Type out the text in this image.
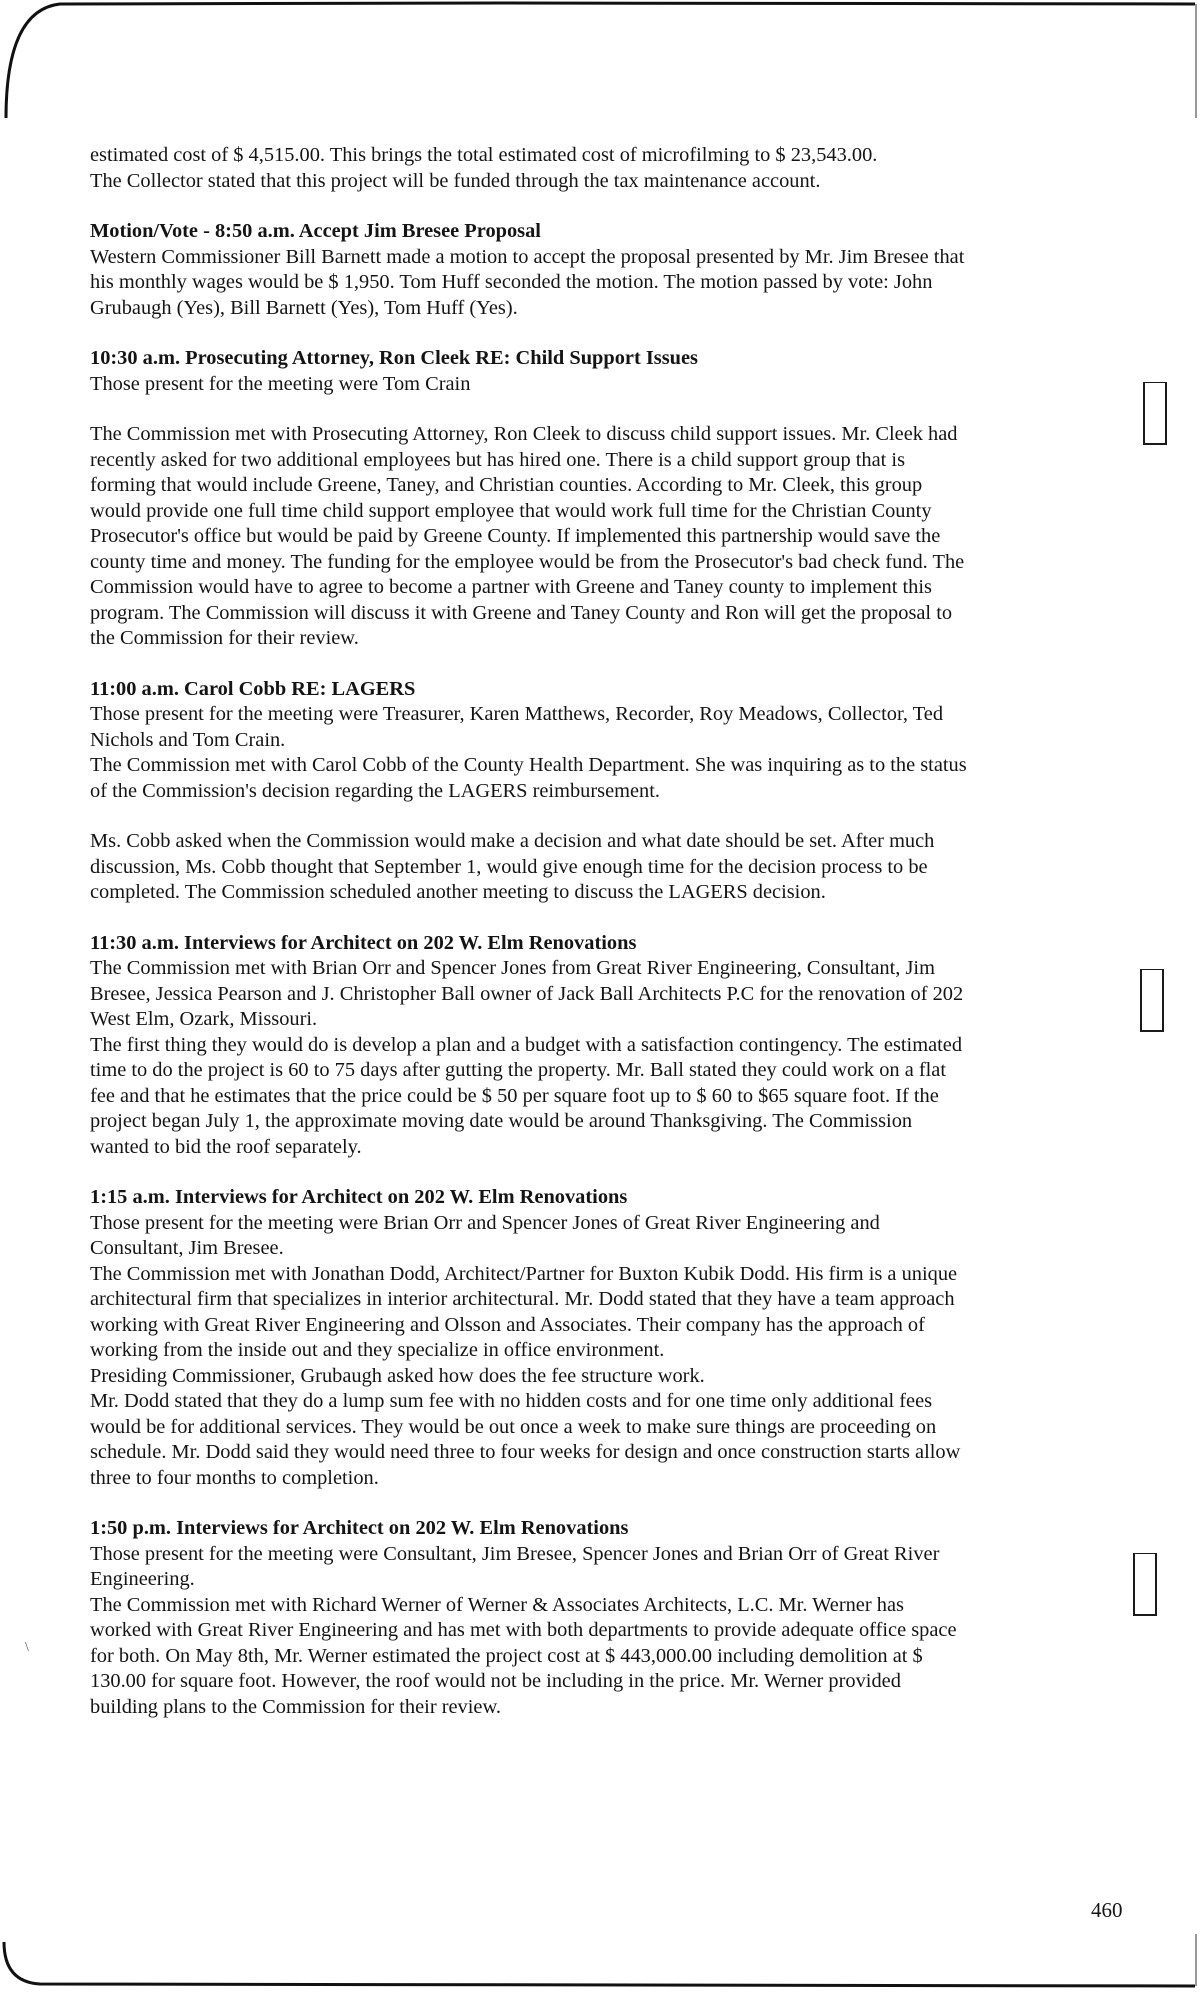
estimated cost of $ 4,515.00. This brings the total estimated cost of microfilming to $ 23,543.00.
The Collector stated that this project will be funded through the tax maintenance account.

Motion/Vote - 8:50 a.m. Accept Jim Bresee Proposal

Western Commissioner Bill Barnett made a motion to accept the proposal presented by Mr. Jim Bresee that
his monthly wages would be $ 1,950. Tom Huff seconded the motion. The motion passed by vote: John
Grubaugh (Yes), Bill Barnett (Yes), Tom Huff (Yes).

10:30 a.m. Prosecuting Attorney, Ron Cleek RE: Child Support Issues

Those present for the meeting were Tom Crain

The Commission met with Prosecuting Attorney, Ron Cleek to discuss child support issues. Mr. Cleek had
recently asked for two additional employees but has hired one. There is a child support group that is
forming that would include Greene, Taney, and Christian counties. According to Mr. Cleek, this group
would provide one full time child support employee that would work full time for the Christian County
Prosecutor's office but would be paid by Greene County. If implemented this partnership would save the
county time and money. The funding for the employee would be from the Prosecutor's bad check fund. The
Commission would have to agree to become a partner with Greene and Taney county to implement this
program. The Commission will discuss it with Greene and Taney County and Ron will get the proposal to
the Commission for their review.

11:00 a.m. Carol Cobb RE: LAGERS

Those present for the meeting were Treasurer, Karen Matthews, Recorder, Roy Meadows, Collector, Ted
Nichols and Tom Crain.
The Commission met with Carol Cobb of the County Health Department. She was inquiring as to the status
of the Commission's decision regarding the LAGERS reimbursement.

Ms. Cobb asked when the Commission would make a decision and what date should be set. After much
discussion, Ms. Cobb thought that September 1, would give enough time for the decision process to be
completed. The Commission scheduled another meeting to discuss the LAGERS decision.

11:30 a.m. Interviews for Architect on 202 W. Elm Renovations

The Commission met with Brian Orr and Spencer Jones from Great River Engineering, Consultant, Jim
Bresee, Jessica Pearson and J. Christopher Ball owner of Jack Ball Architects P.C for the renovation of 202
West Elm, Ozark, Missouri.
The first thing they would do is develop a plan and a budget with a satisfaction contingency. The estimated
time to do the project is 60 to 75 days after gutting the property. Mr. Ball stated they could work on a flat
fee and that he estimates that the price could be $ 50 per square foot up to $ 60 to $65 square foot. If the
project began July 1, the approximate moving date would be around Thanksgiving. The Commission
wanted to bid the roof separately.

1:15 a.m. Interviews for Architect on 202 W. Elm Renovations

Those present for the meeting were Brian Orr and Spencer Jones of Great River Engineering and
Consultant, Jim Bresee.
The Commission met with Jonathan Dodd, Architect/Partner for Buxton Kubik Dodd. His firm is a unique
architectural firm that specializes in interior architectural. Mr. Dodd stated that they have a team approach
working with Great River Engineering and Olsson and Associates. Their company has the approach of
working from the inside out and they specialize in office environment.
Presiding Commissioner, Grubaugh asked how does the fee structure work.
Mr. Dodd stated that they do a lump sum fee with no hidden costs and for one time only additional fees
would be for additional services. They would be out once a week to make sure things are proceeding on
schedule. Mr. Dodd said they would need three to four weeks for design and once construction starts allow
three to four months to completion.

1:50 p.m. Interviews for Architect on 202 W. Elm Renovations

Those present for the meeting were Consultant, Jim Bresee, Spencer Jones and Brian Orr of Great River
Engineering.
The Commission met with Richard Werner of Werner & Associates Architects, L.C. Mr. Werner has
worked with Great River Engineering and has met with both departments to provide adequate office space
for both. On May 8th, Mr. Werner estimated the project cost at $ 443,000.00 including demolition at $
130.00 for square foot. However, the roof would not be including in the price. Mr. Werner provided
building plans to the Commission for their review.

\
460
